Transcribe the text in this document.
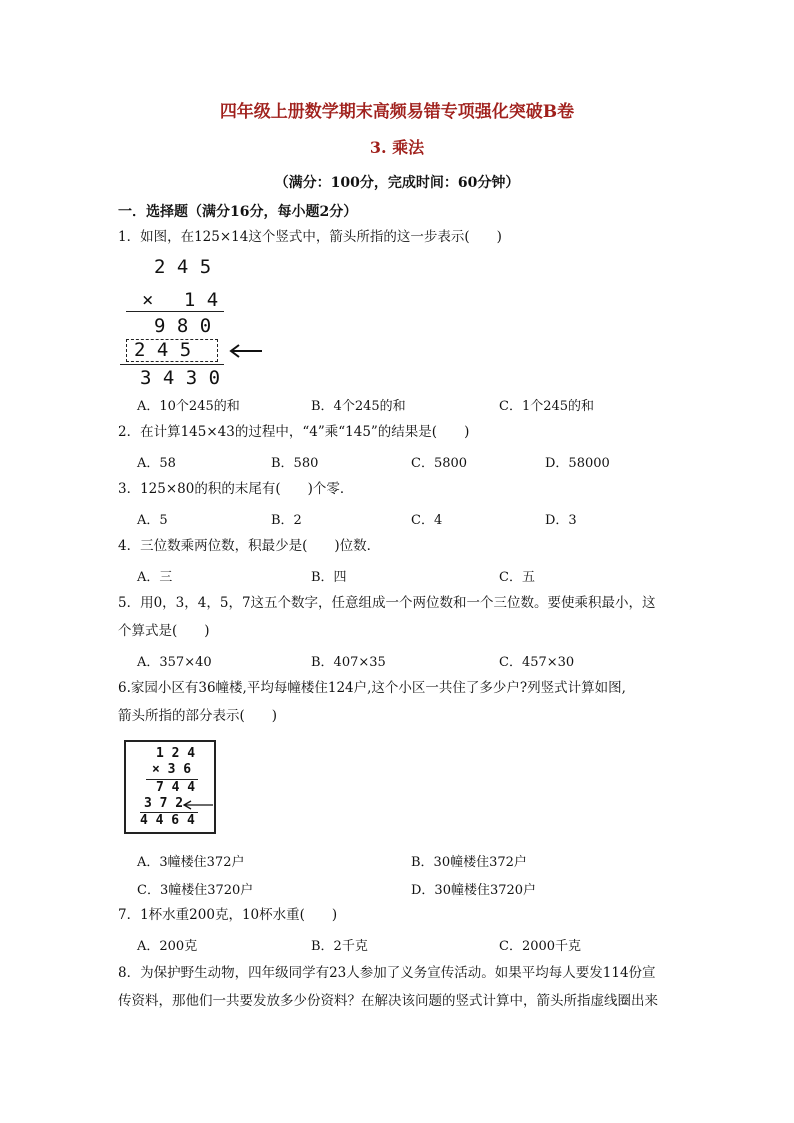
四年级上册数学期末高频易错专项强化突破B卷
3. 乘法
（满分：100分，完成时间：60分钟）
一．选择题（满分16分，每小题2分）
1．如图，在125×14这个竖式中，箭头所指的这一步表示(　　)
2 4 5
×　 1 4
9 8 0
2 4 5
3 4 3 0
A．10个245的和	B．4个245的和	C．1个245的和
2．在计算145×43的过程中，“4”乘“145”的结果是(　　)
A．58	B．580	C．5800	D．58000
3．125×80的积的末尾有(　　)个零．
A．5	B．2	C．4	D．3
4．三位数乘两位数，积最少是(　　)位数．
A．三	B．四	C．五
5．用0，3，4，5，7这五个数字，任意组成一个两位数和一个三位数。要使乘积最小，这
个算式是(　　)
A．357×40	B．407×35	C．457×30
6.家园小区有36幢楼,平均每幢楼住124户,这个小区一共住了多少户?列竖式计算如图,
箭头所指的部分表示(　　)
1 2 4
× 3 6
7 4 4
3 7 2
4 4 6 4
A．3幢楼住372户	B．30幢楼住372户
C．3幢楼住3720户	D．30幢楼住3720户
7．1杯水重200克，10杯水重(　　)
A．200克	B．2千克	C．2000千克
8．为保护野生动物，四年级同学有23人参加了义务宣传活动。如果平均每人要发114份宣
传资料，那他们一共要发放多少份资料？在解决该问题的竖式计算中，箭头所指虚线圈出来
